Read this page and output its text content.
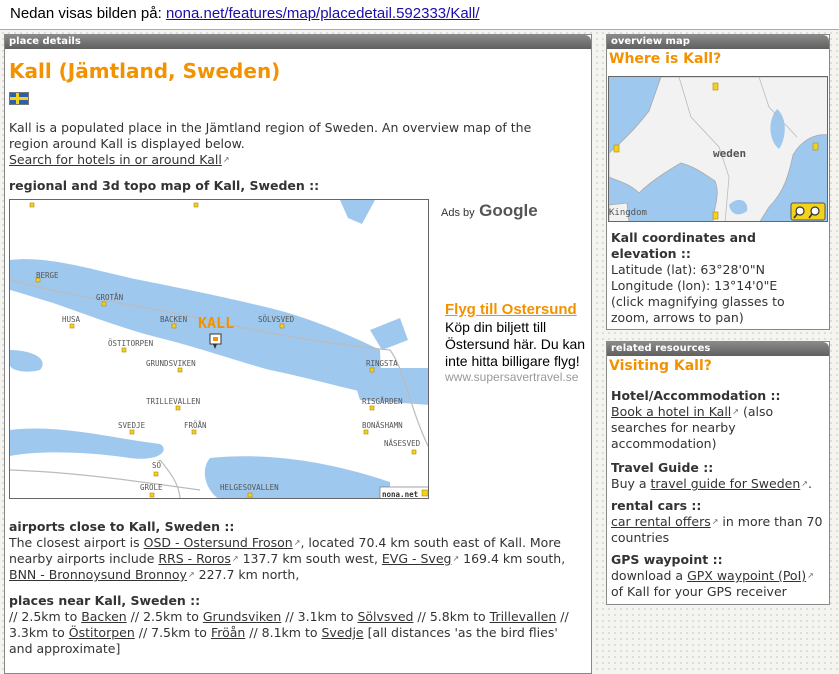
Nedan visas bilden på: nona.net/features/map/placedetail.592333/Kall/
place details
Kall (Jämtland, Sweden)
Kall is a populated place in the Jämtland region of Sweden. An overview map of the region around Kall is displayed below.
Search for hotels in or around Kall↗
regional and 3d topo map of Kall, Sweden ::
BERGE
GROTÅN
HUSA	BACKEN	SÖLVSVED
ÖSTITORPEN
GRUNDSVIKEN	RINGSTA
TRILLEVALLEN	RISGÅRDEN
SVEDJE	FRÖÅN	BONÄSHAMN
NÄSESVED
SÖ
GROLE	HELGESOVALLEN
KALL
nona.net
Ads by Google
Flyg till Ostersund
Köp din biljett till Östersund här. Du kan inte hitta billigare flyg!
www.supersavertravel.se
airports close to Kall, Sweden ::
The closest airport is OSD - Ostersund Froson↗, located 70.4 km south east of Kall. More nearby airports include RRS - Roros↗ 137.7 km south west, EVG - Sveg↗ 169.4 km south, BNN - Bronnoysund Bronnoy↗ 227.7 km north,
places near Kall, Sweden ::
// 2.5km to Backen // 2.5km to Grundsviken // 3.1km to Sölvsved // 5.8km to Trillevallen // 3.3km to Östitorpen // 7.5km to Fröån // 8.1km to Svedje [all distances 'as the bird flies' and approximate]
overview map
Where is Kall?
weden
Kingdom
Kall coordinates and elevation ::
Latitude (lat): 63°28'0"N
Longitude (lon): 13°14'0"E
(click magnifying glasses to zoom, arrows to pan)
related resources
Visiting Kall?
Hotel/Accommodation ::
Book a hotel in Kall↗ (also searches for nearby accommodation)
Travel Guide ::
Buy a travel guide for Sweden↗.
rental cars ::
car rental offers↗ in more than 70 countries
GPS waypoint ::
download a GPX waypoint (PoI)↗ of Kall for your GPS receiver
